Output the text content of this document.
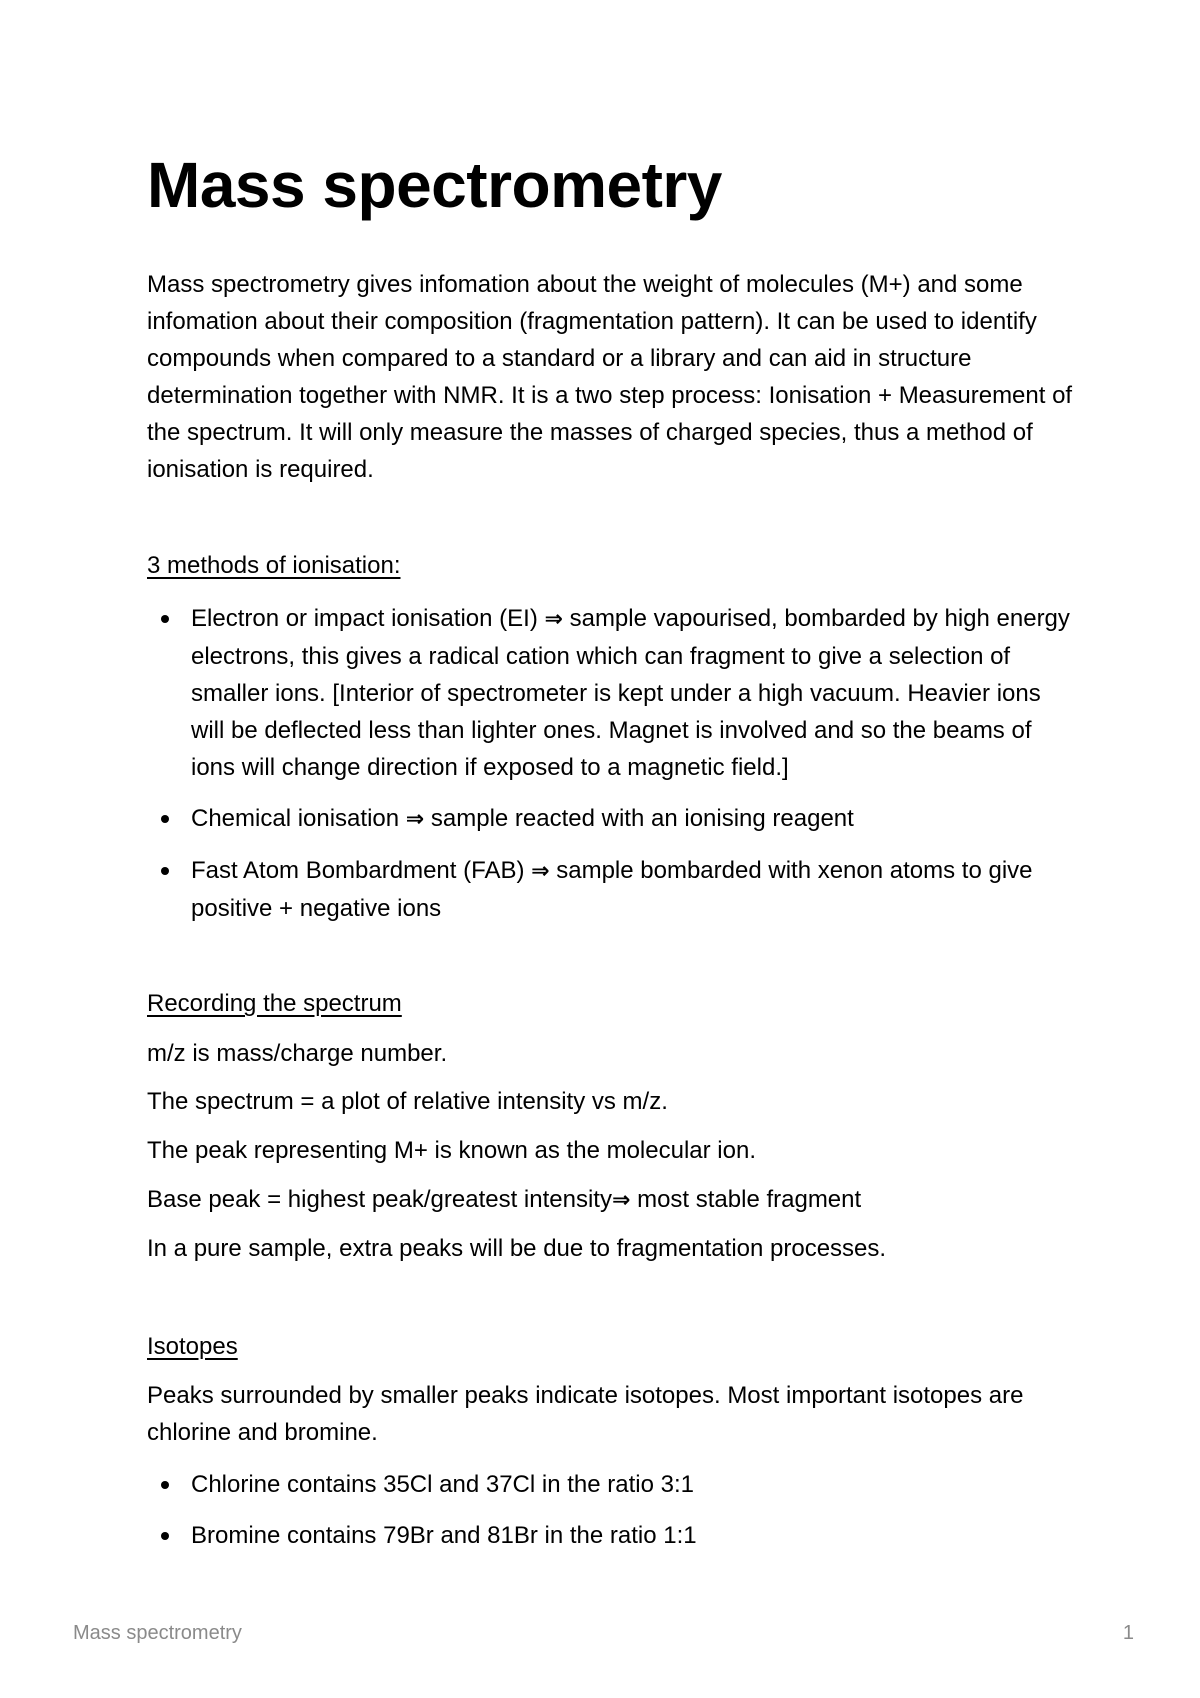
Mass spectrometry

Mass spectrometry gives infomation about the weight of molecules (M+) and some infomation about their composition (fragmentation pattern). It can be used to identify compounds when compared to a standard or a library and can aid in structure determination together with NMR. It is a two step process: Ionisation + Measurement of the spectrum. It will only measure the masses of charged species, thus a method of ionisation is required.

3 methods of ionisation:
Electron or impact ionisation (EI) ⇒ sample vapourised, bombarded by high energy electrons, this gives a radical cation which can fragment to give a selection of smaller ions. [Interior of spectrometer is kept under a high vacuum. Heavier ions will be deflected less than lighter ones. Magnet is involved and so the beams of ions will change direction if exposed to a magnetic field.]
Chemical ionisation ⇒ sample reacted with an ionising reagent
Fast Atom Bombardment (FAB) ⇒ sample bombarded with xenon atoms to give positive + negative ions
Recording the spectrum

m/z is mass/charge number.

The spectrum = a plot of relative intensity vs m/z.

The peak representing M+ is known as the molecular ion.

Base peak = highest peak/greatest intensity⇒ most stable fragment

In a pure sample, extra peaks will be due to fragmentation processes.

Isotopes

Peaks surrounded by smaller peaks indicate isotopes. Most important isotopes are chlorine and bromine.

Chlorine contains 35Cl and 37Cl in the ratio 3:1
Bromine contains 79Br and 81Br in the ratio 1:1
Mass spectrometry	1
